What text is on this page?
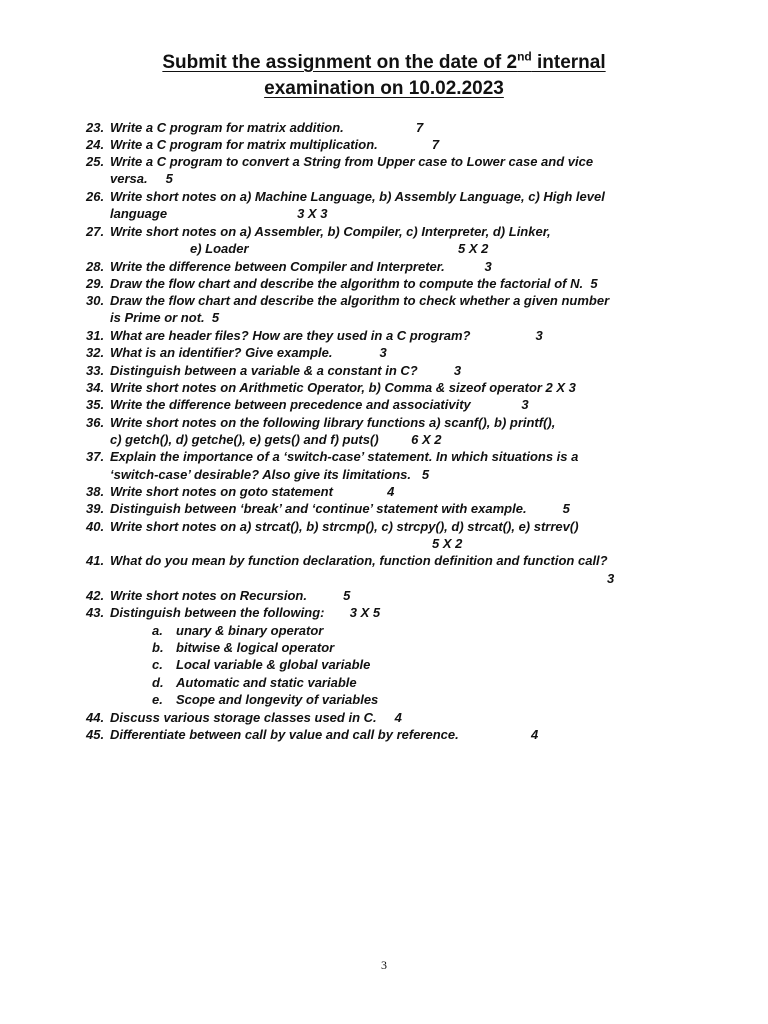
Submit the assignment on the date of 2nd internal
examination on 10.02.2023
23. Write a C program for matrix addition.                    7
24. Write a C program for matrix multiplication.               7
25. Write a C program to convert a String from Upper case to Lower case and vice
versa.     5
26. Write short notes on a) Machine Language, b) Assembly Language, c) High level
language                                    3 X 3
27. Write short notes on a) Assembler, b) Compiler, c) Interpreter, d) Linker,
e) Loader                                                          5 X 2
28. Write the difference between Compiler and Interpreter.           3
29. Draw the flow chart and describe the algorithm to compute the factorial of N.  5
30. Draw the flow chart and describe the algorithm to check whether a given number
is Prime or not.  5
31. What are header files? How are they used in a C program?                  3
32. What is an identifier? Give example.             3
33. Distinguish between a variable & a constant in C?          3
34. Write short notes on Arithmetic Operator, b) Comma & sizeof operator 2 X 3
35. Write the difference between precedence and associativity              3
36. Write short notes on the following library functions a) scanf(), b) printf(),
c) getch(), d) getche(), e) gets() and f) puts()         6 X 2
37. Explain the importance of a ‘switch-case’ statement. In which situations is a
‘switch-case’ desirable? Also give its limitations.   5
38. Write short notes on goto statement               4
39. Distinguish between ‘break’ and ‘continue’ statement with example.          5
40. Write short notes on a) strcat(), b) strcmp(), c) strcpy(), d) strcat(), e) strrev()
5 X 2
41. What do you mean by function declaration, function definition and function call?
3
42. Write short notes on Recursion.          5
43. Distinguish between the following:       3 X 5
a. unary & binary operator
b. bitwise & logical operator
c. Local variable & global variable
d. Automatic and static variable
e. Scope and longevity of variables
44. Discuss various storage classes used in C.     4
45. Differentiate between call by value and call by reference.                    4
3
